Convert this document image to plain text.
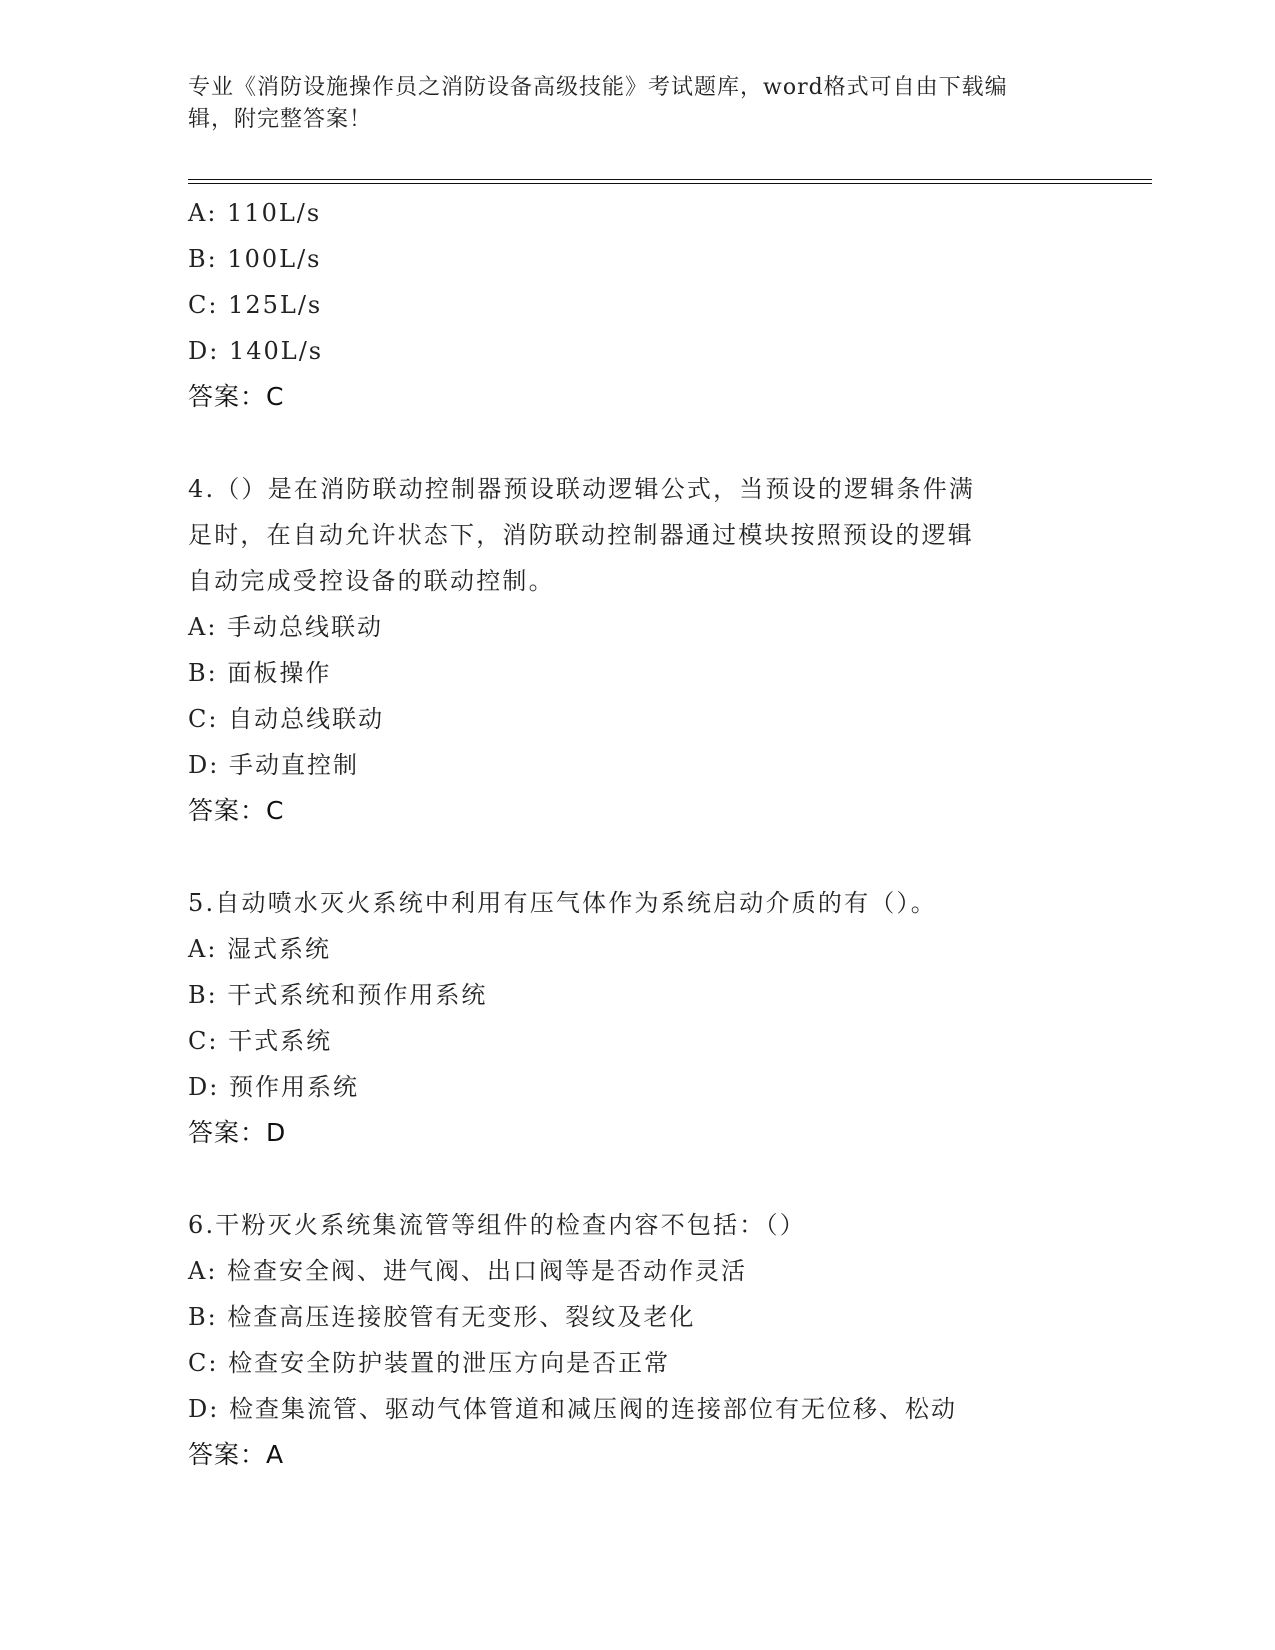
专业《消防设施操作员之消防设备高级技能》考试题库，word格式可自由下载编
辑，附完整答案！
A: 110L/s
B: 100L/s
C: 125L/s
D: 140L/s
答案：C
4.（）是在消防联动控制器预设联动逻辑公式，当预设的逻辑条件满
足时，在自动允许状态下，消防联动控制器通过模块按照预设的逻辑
自动完成受控设备的联动控制。
A: 手动总线联动
B: 面板操作
C: 自动总线联动
D: 手动直控制
答案：C
5.自动喷水灭火系统中利用有压气体作为系统启动介质的有（）。
A: 湿式系统
B: 干式系统和预作用系统
C: 干式系统
D: 预作用系统
答案：D
6.干粉灭火系统集流管等组件的检查内容不包括：（）
A: 检查安全阀、进气阀、出口阀等是否动作灵活
B: 检查高压连接胶管有无变形、裂纹及老化
C: 检查安全防护装置的泄压方向是否正常
D: 检查集流管、驱动气体管道和减压阀的连接部位有无位移、松动
答案：A
